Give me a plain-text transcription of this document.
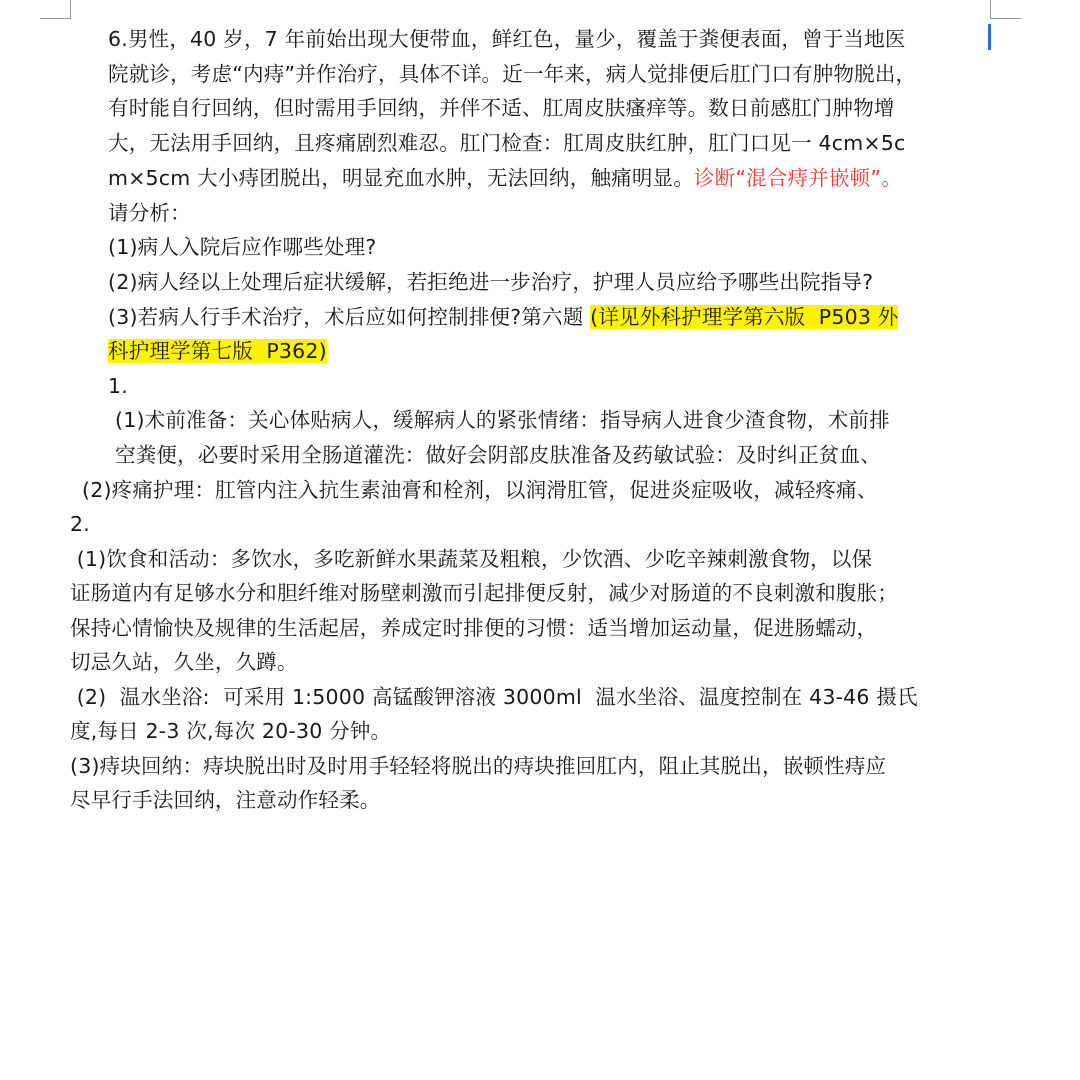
6.男性，40 岁，7 年前始出现大便带血，鲜红色，量少，覆盖于粪便表面，曾于当地医
院就诊，考虑“内痔”并作治疗，具体不详。近一年来，病人觉排便后肛门口有肿物脱出，
有时能自行回纳，但时需用手回纳，并伴不适、肛周皮肤瘙痒等。数日前感肛门肿物增
大，无法用手回纳，且疼痛剧烈难忍。肛门检查：肛周皮肤红肿，肛门口见一 4cm×5c
m×5cm 大小痔团脱出，明显充血水肿，无法回纳，触痛明显。诊断“混合痔并嵌顿”。
请分析：
(1)病人入院后应作哪些处理?
(2)病人经以上处理后症状缓解，若拒绝进一步治疗，护理人员应给予哪些出院指导?
(3)若病人行手术治疗，术后应如何控制排便?第六题 (详见外科护理学第六版  P503 外
科护理学第七版  P362)
1.
(1)术前准备：关心体贴病人，缓解病人的紧张情绪：指导病人进食少渣食物，术前排
空粪便，必要时采用全肠道灌洗：做好会阴部皮肤准备及药敏试验：及时纠正贫血、
(2)疼痛护理：肛管内注入抗生素油膏和栓剂，以润滑肛管，促进炎症吸收，减轻疼痛、
2.
(1)饮食和活动：多饮水，多吃新鲜水果蔬菜及粗粮，少饮酒、少吃辛辣刺激食物，以保
证肠道内有足够水分和胆纤维对肠壁刺激而引起排便反射，减少对肠道的不良刺激和腹胀；
保持心情愉快及规律的生活起居，养成定时排便的习惯：适当增加运动量，促进肠蠕动，
切忌久站，久坐，久蹲。
(2)  温水坐浴:  可采用 1:5000 高锰酸钾溶液 3000ml  温水坐浴、温度控制在 43-46 摄氏
度,每日 2-3 次,每次 20-30 分钟。
(3)痔块回纳：痔块脱出时及时用手轻轻将脱出的痔块推回肛内，阻止其脱出，嵌顿性痔应
尽早行手法回纳，注意动作轻柔。
